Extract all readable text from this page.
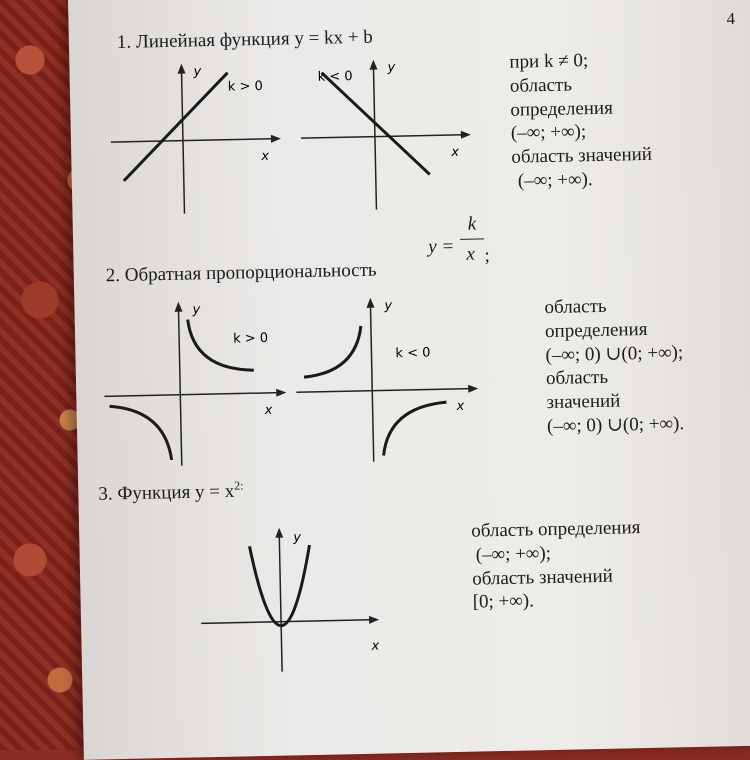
4
1. Линейная функция y = kx + b
y
k > 0
x
y
k < 0
x
при k ≠ 0;
область
определения
(–∞; +∞);
область значений
(–∞; +∞).
2. Обратная пропорциональность
y =
k
x ;
y
k > 0
x
y
k < 0
x
область
определения
(–∞; 0) ∪(0; +∞);
область
значений
(–∞; 0) ∪(0; +∞).
3. Функция $y = x^{2:}$
y
x
область определения
(–∞; +∞);
область значений
[0; +∞).
